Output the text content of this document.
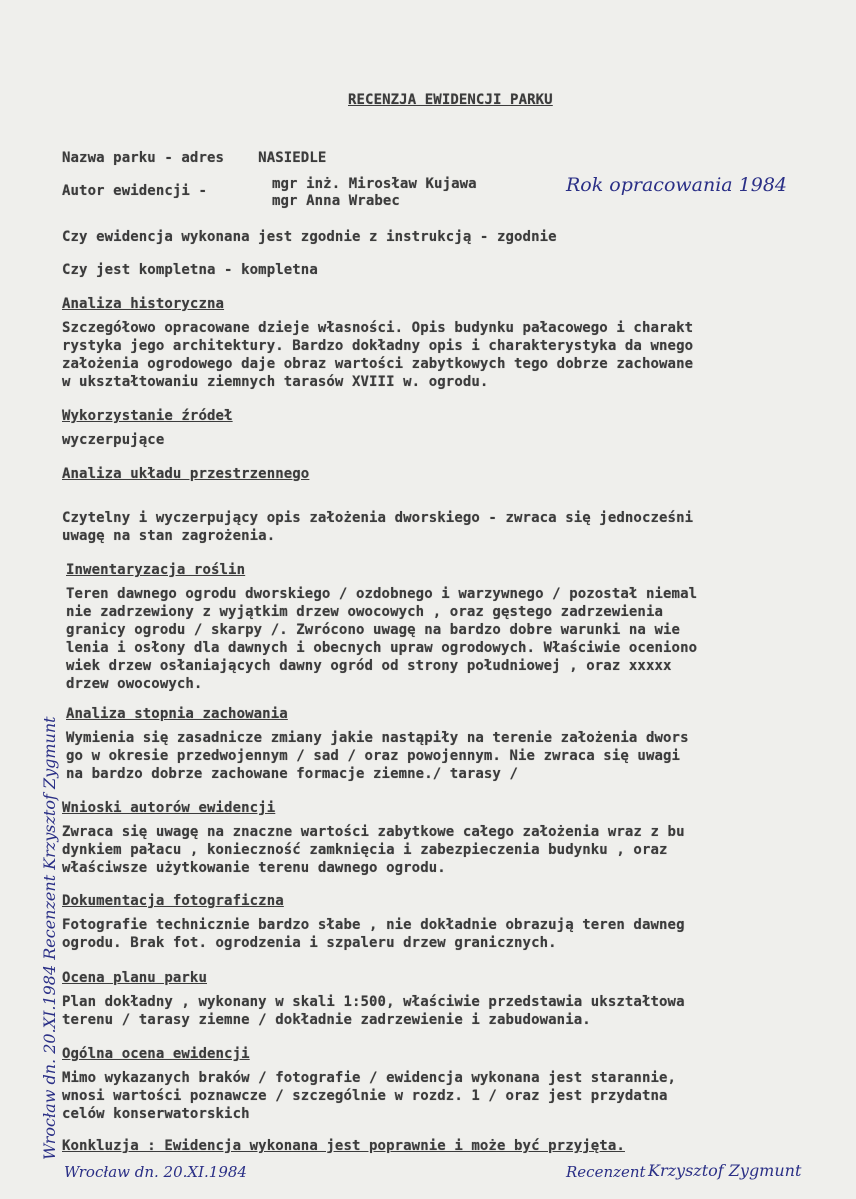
RECENZJA EWIDENCJI PARKU
Nazwa parku - adres    NASIEDLE
Autor ewidencji -	mgr inż. Mirosław Kujawa
mgr Anna Wrabec
Rok opracowania 1984
Czy ewidencja wykonana jest zgodnie z instrukcją - zgodnie
Czy jest kompletna - kompletna
Analiza historyczna
Szczegółowo opracowane dzieje własności. Opis budynku pałacowego i charakt
rystyka jego architektury. Bardzo dokładny opis i charakterystyka da wnego
założenia ogrodowego daje obraz wartości zabytkowych tego dobrze zachowane
w ukształtowaniu ziemnych tarasów XVIII w. ogrodu.
Wykorzystanie źródeł
wyczerpujące
Analiza układu przestrzennego
Czytelny i wyczerpujący opis założenia dworskiego - zwraca się jednocześni
uwagę na stan zagrożenia.
Inwentaryzacja roślin
Teren dawnego ogrodu dworskiego / ozdobnego i warzywnego / pozostał niemal
nie zadrzewiony z wyjątkim drzew owocowych , oraz gęstego zadrzewienia
granicy ogrodu / skarpy /. Zwrócono uwagę na bardzo dobre warunki na wie
lenia i osłony dla dawnych i obecnych upraw ogrodowych. Właściwie oceniono
wiek drzew osłaniających dawny ogród od strony południowej , oraz xxxxx
drzew owocowych.
Analiza stopnia zachowania
Wymienia się zasadnicze zmiany jakie nastąpiły na terenie założenia dwors
go w okresie przedwojennym / sad / oraz powojennym. Nie zwraca się uwagi
na bardzo dobrze zachowane formacje ziemne./ tarasy /
Wnioski autorów ewidencji
Zwraca się uwagę na znaczne wartości zabytkowe całego założenia wraz z bu
dynkiem pałacu , konieczność zamknięcia i zabezpieczenia budynku , oraz
właściwsze użytkowanie terenu dawnego ogrodu.
Dokumentacja fotograficzna
Fotografie technicznie bardzo słabe , nie dokładnie obrazują teren dawneg
ogrodu. Brak fot. ogrodzenia i szpaleru drzew granicznych.
Ocena planu parku
Plan dokładny , wykonany w skali 1:500, właściwie przedstawia ukształtowa
terenu / tarasy ziemne / dokładnie zadrzewienie i zabudowania.
Ogólna ocena ewidencji
Mimo wykazanych braków / fotografie / ewidencja wykonana jest starannie,
wnosi wartości poznawcze / szczególnie w rozdz. 1 / oraz jest przydatna
celów konserwatorskich
Konkluzja : Ewidencja wykonana jest poprawnie i może być przyjęta.
Wrocław dn. 20.XI.1984	Recenzent Krzysztof Zygmunt
Wrocław dn. 20.XI.1984 Recenzent Krzysztof Zygmunt
